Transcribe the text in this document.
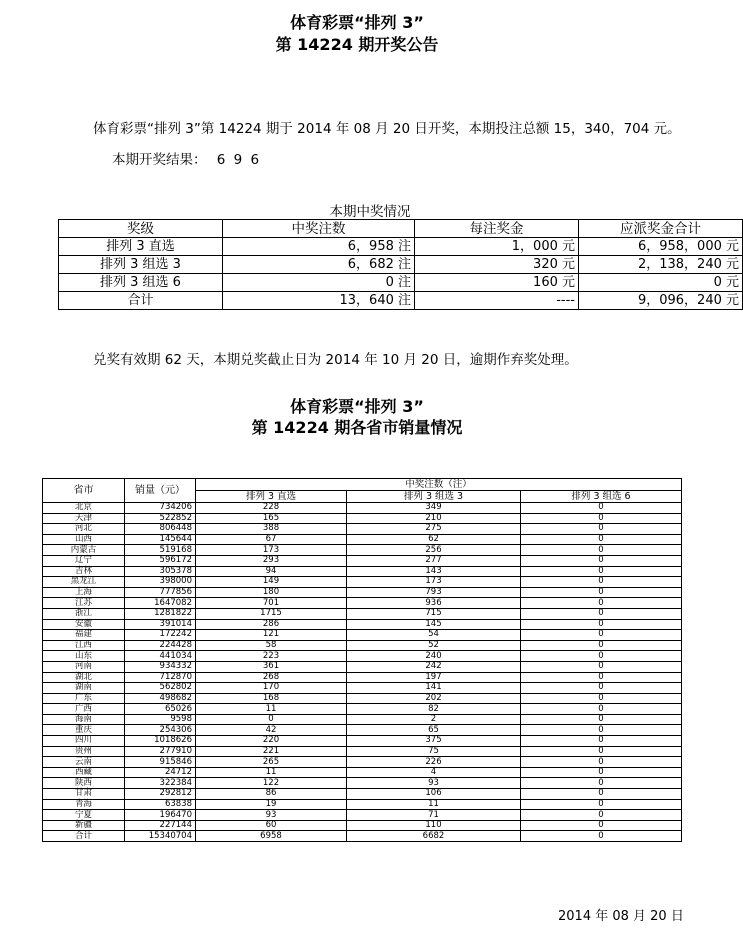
体育彩票“排列 3”
第 14224 期开奖公告
体育彩票“排列 3”第 14224 期于 2014 年 08 月 20 日开奖，本期投注总额 15，340，704 元。
本期开奖结果： 6 9 6
本期中奖情况
奖级	中奖注数	每注奖金	应派奖金合计
排列 3 直选	6，958 注	1，000 元	6，958，000 元
排列 3 组选 3	6，682 注	320 元	2，138，240 元
排列 3 组选 6	0 注	160 元	0 元
合计	13，640 注	----	9，096，240 元
兑奖有效期 62 天，本期兑奖截止日为 2014 年 10 月 20 日，逾期作弃奖处理。
体育彩票“排列 3”
第 14224 期各省市销量情况
省市	销量（元）	中奖注数（注）		
		排列 3 直选	排列 3 组选 3	排列 3 组选 6
北京	734206	228	349	0
天津	522852	165	210	0
河北	806448	388	275	0
山西	145644	67	62	0
内蒙古	519168	173	256	0
辽宁	596172	293	277	0
吉林	305378	94	143	0
黑龙江	398000	149	173	0
上海	777856	180	793	0
江苏	1647082	701	936	0
浙江	1281822	1715	715	0
安徽	391014	286	145	0
福建	172242	121	54	0
江西	224428	58	52	0
山东	441034	223	240	0
河南	934332	361	242	0
湖北	712870	268	197	0
湖南	562802	170	141	0
广东	498682	168	202	0
广西	65026	11	82	0
海南	9598	0	2	0
重庆	254306	42	65	0
四川	1018626	220	375	0
贵州	277910	221	75	0
云南	915846	265	226	0
西藏	24712	11	4	0
陕西	322384	122	93	0
甘肃	292812	86	106	0
青海	63838	19	11	0
宁夏	196470	93	71	0
新疆	227144	60	110	0
合计	15340704	6958	6682	0
2014 年 08 月 20 日
